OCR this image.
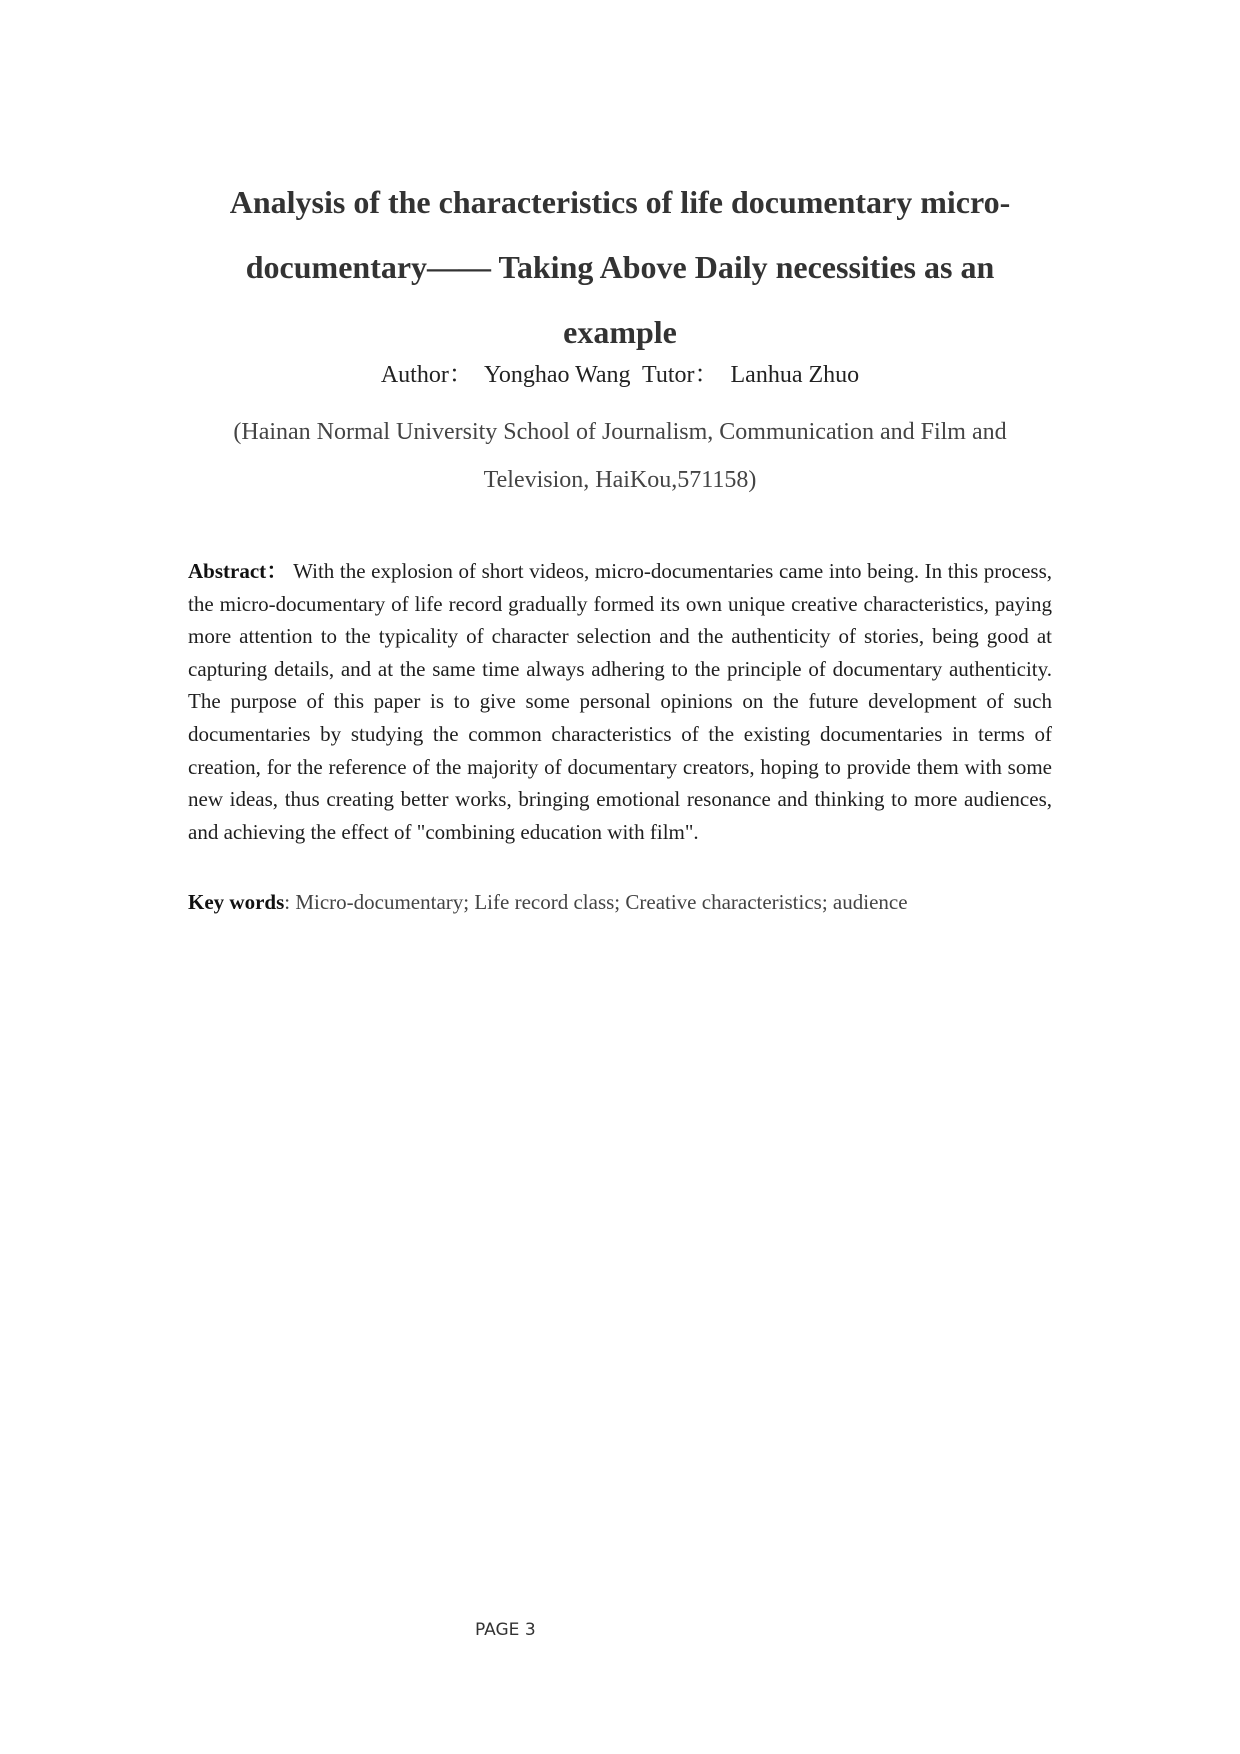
Analysis of the characteristics of life documentary micro-
documentary—— Taking Above Daily necessities as an
example
Author：  Yonghao Wang  Tutor：  Lanhua Zhuo
(Hainan Normal University School of Journalism, Communication and Film and
Television, HaiKou,571158)

Abstract： With the explosion of short videos, micro-documentaries came into being. In this process, the micro-documentary of life record gradually formed its own unique creative characteristics, paying more attention to the typicality of character selection and the authenticity of stories, being good at capturing details, and at the same time always adhering to the principle of documentary authenticity. The purpose of this paper is to give some personal opinions on the future development of such documentaries by studying the common characteristics of the existing documentaries in terms of creation, for the reference of the majority of documentary creators, hoping to provide them with some new ideas, thus creating better works, bringing emotional resonance and thinking to more audiences, and achieving the effect of "combining education with film".

Key words: Micro-documentary; Life record class; Creative characteristics; audience

PAGE 3
